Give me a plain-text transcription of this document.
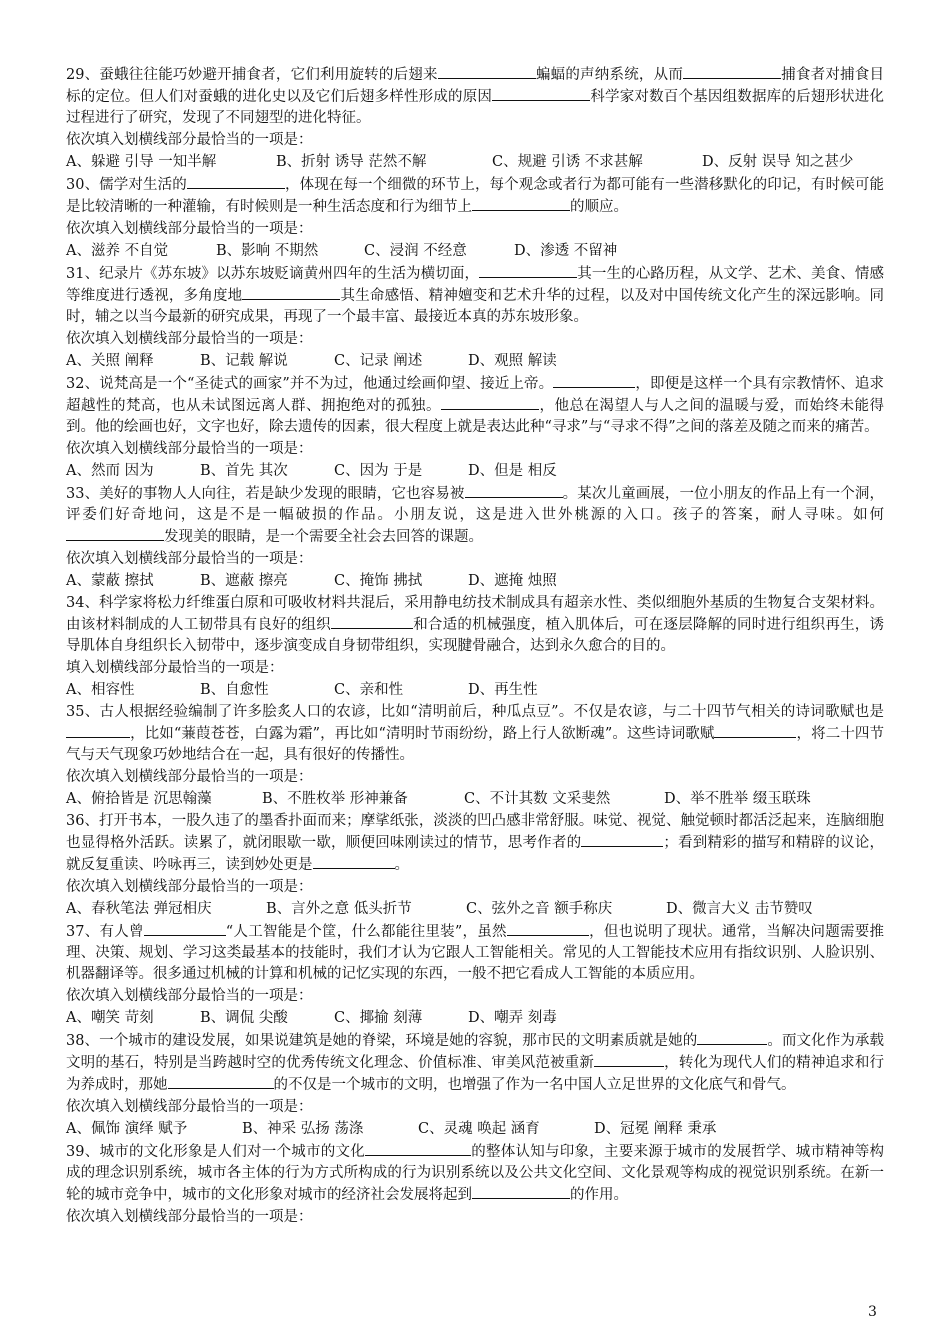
29、蚕蛾往往能巧妙避开捕食者，它们利用旋转的后翅来	蝙蝠的声纳系统，从而	捕食者对捕食目标的定位。但人们对蚕蛾的进化史以及它们后翅多样性形成的原因	科学家对数百个基因组数据库的后翅形状进化过程进行了研究，发现了不同翅型的进化特征。

依次填入划横线部分最恰当的一项是：

A、躲避 引导 一知半解	B、折射 诱导 茫然不解	C、规避 引诱 不求甚解	D、反射 误导 知之甚少

30、儒学对生活的	，体现在每一个细微的环节上，每个观念或者行为都可能有一些潜移默化的印记，有时候可能是比较清晰的一种灌输，有时候则是一种生活态度和行为细节上	的顺应。

依次填入划横线部分最恰当的一项是：

A、滋养 不自觉	B、影响 不期然	C、浸润 不经意	D、渗透 不留神

31、纪录片《苏东坡》以苏东坡贬谪黄州四年的生活为横切面，	其一生的心路历程，从文学、艺术、美食、情感等维度进行透视，多角度地	其生命感悟、精神嬗变和艺术升华的过程，以及对中国传统文化产生的深远影响。同时，辅之以当今最新的研究成果，再现了一个最丰富、最接近本真的苏东坡形象。

依次填入划横线部分最恰当的一项是：

A、关照 阐释	B、记载 解说	C、记录 阐述	D、观照 解读

32、说梵高是一个“圣徒式的画家”并不为过，他通过绘画仰望、接近上帝。	，即便是这样一个具有宗教情怀、追求超越性的梵高，也从未试图远离人群、拥抱绝对的孤独。	，他总在渴望人与人之间的温暖与爱，而始终未能得到。他的绘画也好，文字也好，除去遗传的因素，很大程度上就是表达此种“寻求”与“寻求不得”之间的落差及随之而来的痛苦。

依次填入划横线部分最恰当的一项是：

A、然而 因为	B、首先 其次	C、因为 于是	D、但是 相反

33、美好的事物人人向往，若是缺少发现的眼睛，它也容易被	。某次儿童画展，一位小朋友的作品上有一个洞，评委们好奇地问，这是不是一幅破损的作品。小朋友说，这是进入世外桃源的入口。孩子的答案，耐人寻味。如何发现美的眼睛，是一个需要全社会去回答的课题。

依次填入划横线部分最恰当的一项是：

A、蒙蔽 擦拭	B、遮蔽 擦亮	C、掩饰 拂拭	D、遮掩 烛照

34、科学家将松力纤维蛋白原和可吸收材料共混后，采用静电纺技术制成具有超亲水性、类似细胞外基质的生物复合支架材料。由该材料制成的人工韧带具有良好的组织	和合适的机械强度，植入肌体后，可在逐层降解的同时进行组织再生，诱导肌体自身组织长入韧带中，逐步演变成自身韧带组织，实现腱骨融合，达到永久愈合的目的。

填入划横线部分最恰当的一项是：

A、相容性	B、自愈性	C、亲和性	D、再生性

35、古人根据经验编制了许多脍炙人口的农谚，比如“清明前后，种瓜点豆”。不仅是农谚，与二十四节气相关的诗词歌赋也是，比如“蒹葭苍苍，白露为霜”，再比如“清明时节雨纷纷，路上行人欲断魂”。这些诗词歌赋	，将二十四节气与天气现象巧妙地结合在一起，具有很好的传播性。

依次填入划横线部分最恰当的一项是：

A、俯拾皆是 沉思翰藻	B、不胜枚举 形神兼备	C、不计其数 文采斐然	D、举不胜举 缀玉联珠

36、打开书本，一股久违了的墨香扑面而来；摩挲纸张，淡淡的凹凸感非常舒服。味觉、视觉、触觉顿时都活泛起来，连脑细胞也显得格外活跃。读累了，就闭眼歇一歇，顺便回味刚读过的情节，思考作者的	；看到精彩的描写和精辟的议论，就反复重读、吟咏再三，读到妙处更是	。

依次填入划横线部分最恰当的一项是：

A、春秋笔法 弹冠相庆	B、言外之意 低头折节	C、弦外之音 额手称庆	D、微言大义 击节赞叹

37、有人曾	“人工智能是个筐，什么都能往里装”，虽然	，但也说明了现状。通常，当解决问题需要推理、决策、规划、学习这类最基本的技能时，我们才认为它跟人工智能相关。常见的人工智能技术应用有指纹识别、人脸识别、机器翻译等。很多通过机械的计算和机械的记忆实现的东西，一般不把它看成人工智能的本质应用。

依次填入划横线部分最恰当的一项是：

A、嘲笑 苛刻	B、调侃 尖酸	C、揶揄 刻薄	D、嘲弄 刻毒

38、一个城市的建设发展，如果说建筑是她的脊梁，环境是她的容貌，那市民的文明素质就是她的	。而文化作为承载文明的基石，特别是当跨越时空的优秀传统文化理念、价值标准、审美风范被重新	，转化为现代人们的精神追求和行为养成时，那她	的不仅是一个城市的文明，也增强了作为一名中国人立足世界的文化底气和骨气。

依次填入划横线部分最恰当的一项是：

A、佩饰 演绎 赋予	B、神采 弘扬 荡涤	C、灵魂 唤起 涵育	D、冠冕 阐释 秉承

39、城市的文化形象是人们对一个城市的文化	的整体认知与印象，主要来源于城市的发展哲学、城市精神等构成的理念识别系统，城市各主体的行为方式所构成的行为识别系统以及公共文化空间、文化景观等构成的视觉识别系统。在新一轮的城市竞争中，城市的文化形象对城市的经济社会发展将起到	的作用。

依次填入划横线部分最恰当的一项是：

3
